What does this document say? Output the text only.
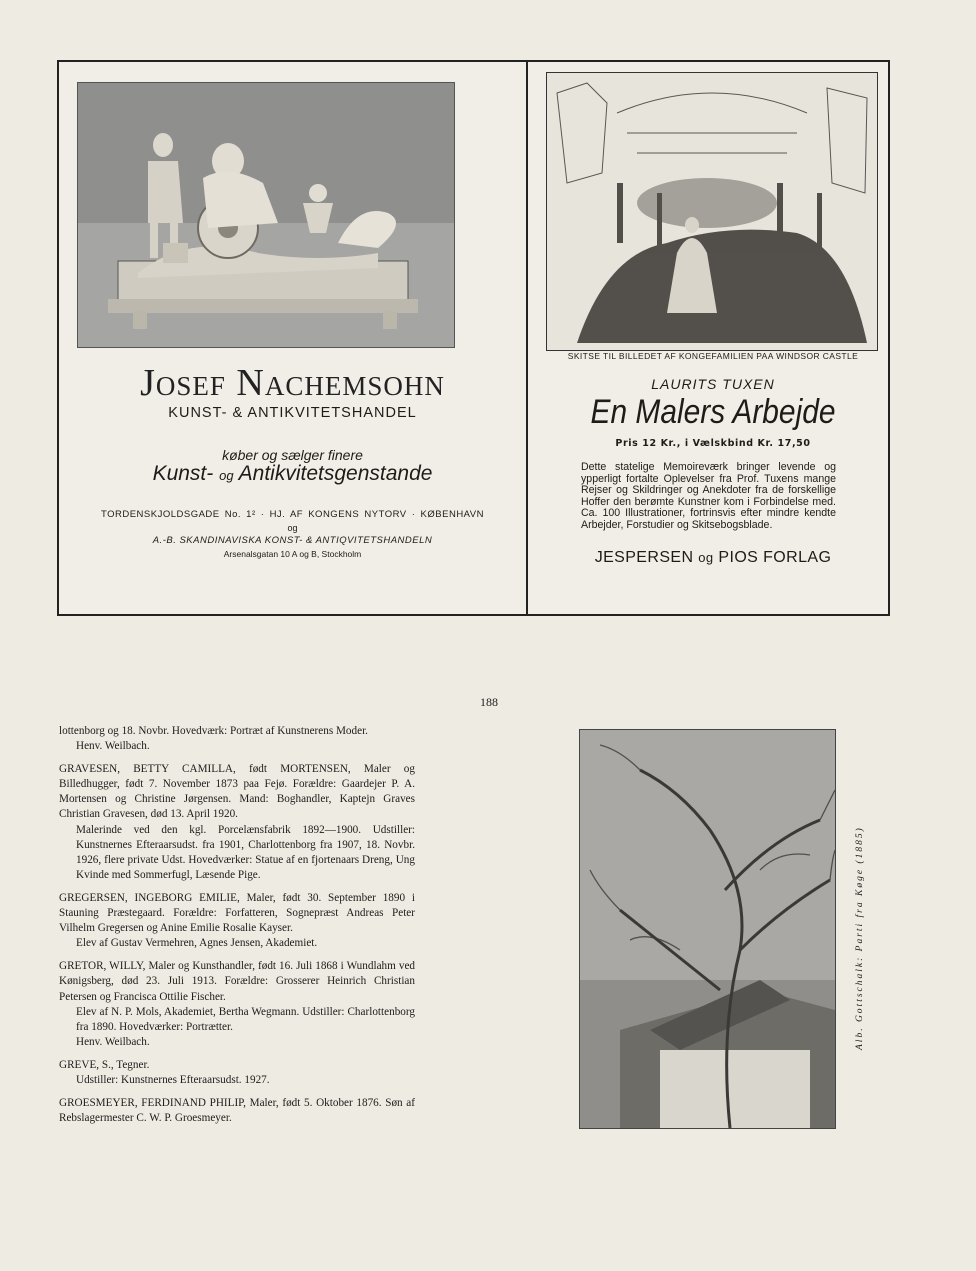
Josef Nachemsohn
KUNST- & ANTIKVITETSHANDEL
køber og sælger finere
Kunst- og Antikvitetsgenstande
TORDENSKJOLDSGADE No. 1² · HJ. AF KONGENS NYTORV · KØBENHAVN
og
A.-B. SKANDINAVISKA KONST- & ANTIQVITETSHANDELN
Arsenalsgatan 10 A og B, Stockholm
SKITSE TIL BILLEDET AF KONGEFAMILIEN PAA WINDSOR CASTLE
LAURITS TUXEN
En Malers Arbejde
Pris 12 Kr., i Vælskbind Kr. 17,50
Dette statelige Memoireværk bringer levende og ypperligt fortalte Oplevelser fra Prof. Tuxens mange Rejser og Skildringer og Anekdoter fra de forskellige Hoffer den berømte Kunstner kom i Forbindelse med. Ca. 100 Illustrationer, fortrinsvis efter mindre kendte Arbejder, Forstudier og Skitsebogsblade.
JESPERSEN og PIOS FORLAG
188
lottenborg og 18. Novbr. Hovedværk: Portræt af Kunstnerens Moder.
Henv. Weilbach.
GRAVESEN, BETTY CAMILLA, født MORTENSEN, Maler og Billedhugger, født 7. November 1873 paa Fejø. Forældre: Gaardejer P. A. Mortensen og Christine Jørgensen. Mand: Boghandler, Kaptejn Graves Christian Gravesen, død 13. April 1920.
Malerinde ved den kgl. Porcelænsfabrik 1892—1900. Udstiller: Kunstnernes Efteraarsudst. fra 1901, Charlottenborg fra 1907, 18. Novbr. 1926, flere private Udst. Hovedværker: Statue af en fjortenaars Dreng, Ung Kvinde med Sommerfugl, Læsende Pige.
GREGERSEN, INGEBORG EMILIE, Maler, født 30. September 1890 i Stauning Præstegaard. Forældre: Forfatteren, Sognepræst Andreas Peter Vilhelm Gregersen og Anine Emilie Rosalie Kayser.
Elev af Gustav Vermehren, Agnes Jensen, Akademiet.
GRETOR, WILLY, Maler og Kunsthandler, født 16. Juli 1868 i Wundlahm ved Kønigsberg, død 23. Juli 1913. Forældre: Grosserer Heinrich Christian Petersen og Francisca Ottilie Fischer.
Elev af N. P. Mols, Akademiet, Bertha Wegmann. Udstiller: Charlottenborg fra 1890. Hovedværker: Portrætter.
Henv. Weilbach.
GREVE, S., Tegner.
Udstiller: Kunstnernes Efteraarsudst. 1927.
GROESMEYER, FERDINAND PHILIP, Maler, født 5. Oktober 1876. Søn af Rebslagermester C. W. P. Groesmeyer.
Alb. Gottschalk: Parti fra Køge (1885)
